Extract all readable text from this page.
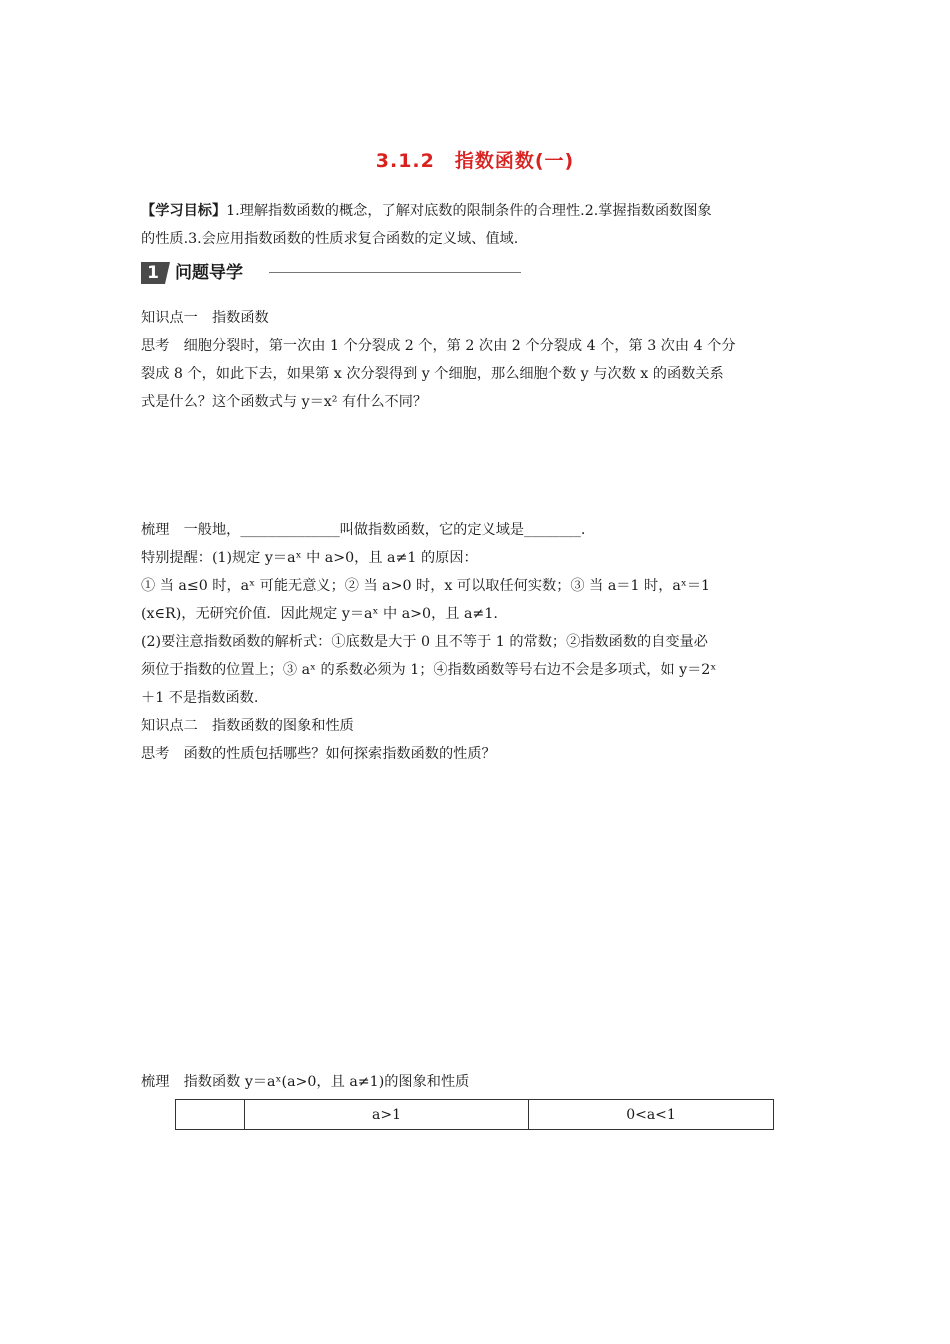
3.1.2　指数函数(一)
【学习目标】1.理解指数函数的概念，了解对底数的限制条件的合理性.2.掌握指数函数图象
的性质.3.会应用指数函数的性质求复合函数的定义域、值域.
1 问题导学
知识点一　指数函数
思考　 细胞分裂时，第一次由 1 个分裂成 2 个，第 2 次由 2 个分裂成 4 个，第 3 次由 4 个分
裂成 8 个，如此下去，如果第 x 次分裂得到 y 个细胞，那么细胞个数 y 与次数 x 的函数关系
式是什么？这个函数式与 y＝x² 有什么不同？
梳理　 一般地，______________叫做指数函数，它的定义域是________.
特别提醒：(1)规定 y＝aˣ 中 a>0，且 a≠1 的原因：
① 当 a≤0 时，aˣ 可能无意义；② 当 a>0 时，x 可以取任何实数；③ 当 a＝1 时，aˣ＝1
(x∈R)，无研究价值．因此规定 y＝aˣ 中 a>0，且 a≠1.
(2)要注意指数函数的解析式：①底数是大于 0 且不等于 1 的常数；②指数函数的自变量必
须位于指数的位置上；③ aˣ 的系数必须为 1；④指数函数等号右边不会是多项式，如 y＝2ˣ
＋1 不是指数函数.
知识点二　指数函数的图象和性质
思考　 函数的性质包括哪些？如何探索指数函数的性质？
梳理　 指数函数 y＝aˣ(a>0，且 a≠1)的图象和性质
	a>1	0<a<1
